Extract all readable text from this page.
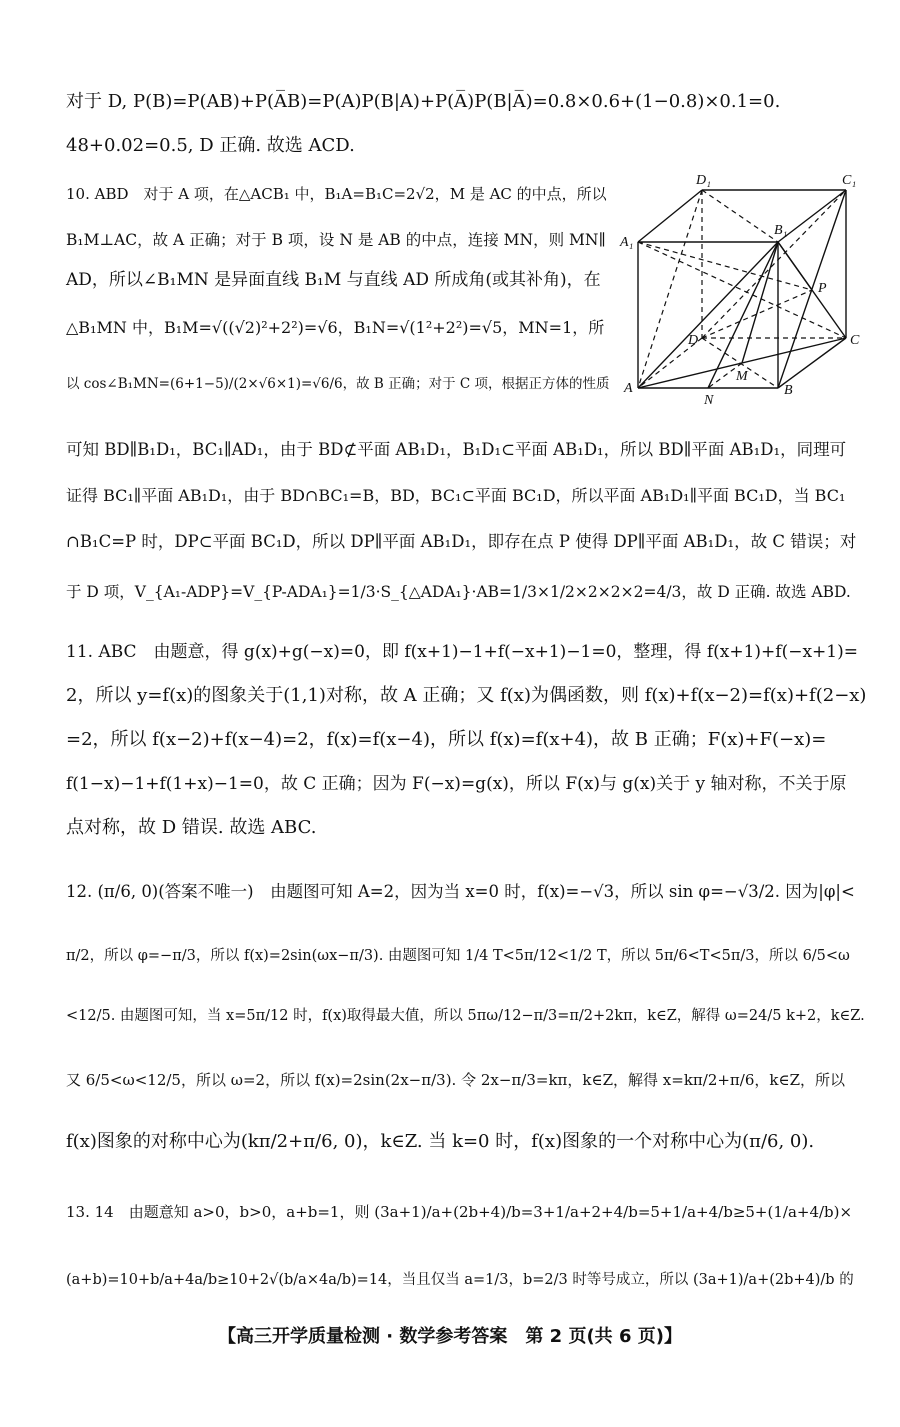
对于 D, P(B)=P(AB)+P(A̅B)=P(A)P(B|A)+P(A̅)P(B|A̅)=0.8×0.6+(1−0.8)×0.1=0.
48+0.02=0.5, D 正确. 故选 ACD.
10. ABD　对于 A 项，在△ACB₁ 中，B₁A=B₁C=2√2，M 是 AC 的中点，所以
B₁M⊥AC，故 A 正确；对于 B 项，设 N 是 AB 的中点，连接 MN，则 MN∥
AD，所以∠B₁MN 是异面直线 B₁M 与直线 AD 所成角(或其补角)，在
△B₁MN 中，B₁M=√((√2)²+2²)=√6，B₁N=√(1²+2²)=√5，MN=1，所
以 cos∠B₁MN=(6+1−5)/(2×√6×1)=√6/6，故 B 正确；对于 C 项，根据正方体的性质
D₁	C₁
A₁
B₁
P
D	C
A
M
B
N
可知 BD∥B₁D₁，BC₁∥AD₁，由于 BD⊄平面 AB₁D₁，B₁D₁⊂平面 AB₁D₁，所以 BD∥平面 AB₁D₁，同理可
证得 BC₁∥平面 AB₁D₁，由于 BD∩BC₁=B，BD，BC₁⊂平面 BC₁D，所以平面 AB₁D₁∥平面 BC₁D，当 BC₁
∩B₁C=P 时，DP⊂平面 BC₁D，所以 DP∥平面 AB₁D₁，即存在点 P 使得 DP∥平面 AB₁D₁，故 C 错误；对
于 D 项，V_{A₁-ADP}=V_{P-ADA₁}=1/3·S_{△ADA₁}·AB=1/3×1/2×2×2×2=4/3，故 D 正确. 故选 ABD.
11. ABC　由题意，得 g(x)+g(−x)=0，即 f(x+1)−1+f(−x+1)−1=0，整理，得 f(x+1)+f(−x+1)=
2，所以 y=f(x)的图象关于(1,1)对称，故 A 正确；又 f(x)为偶函数，则 f(x)+f(x−2)=f(x)+f(2−x)
=2，所以 f(x−2)+f(x−4)=2，f(x)=f(x−4)，所以 f(x)=f(x+4)，故 B 正确；F(x)+F(−x)=
f(1−x)−1+f(1+x)−1=0，故 C 正确；因为 F(−x)=g(x)，所以 F(x)与 g(x)关于 y 轴对称，不关于原
点对称，故 D 错误. 故选 ABC.
12. (π/6, 0)(答案不唯一)　由题图可知 A=2，因为当 x=0 时，f(x)=−√3，所以 sin φ=−√3/2. 因为|φ|<
π/2，所以 φ=−π/3，所以 f(x)=2sin(ωx−π/3). 由题图可知 1/4 T<5π/12<1/2 T，所以 5π/6<T<5π/3，所以 6/5<ω
<12/5. 由题图可知，当 x=5π/12 时，f(x)取得最大值，所以 5πω/12−π/3=π/2+2kπ，k∈Z，解得 ω=24/5 k+2，k∈Z.
又 6/5<ω<12/5，所以 ω=2，所以 f(x)=2sin(2x−π/3). 令 2x−π/3=kπ，k∈Z，解得 x=kπ/2+π/6，k∈Z，所以
f(x)图象的对称中心为(kπ/2+π/6, 0)，k∈Z. 当 k=0 时，f(x)图象的一个对称中心为(π/6, 0).
13. 14　由题意知 a>0，b>0，a+b=1，则 (3a+1)/a+(2b+4)/b=3+1/a+2+4/b=5+1/a+4/b≥5+(1/a+4/b)×
(a+b)=10+b/a+4a/b≥10+2√(b/a×4a/b)=14，当且仅当 a=1/3，b=2/3 时等号成立，所以 (3a+1)/a+(2b+4)/b 的
【高三开学质量检测 · 数学参考答案　第 2 页(共 6 页)】
